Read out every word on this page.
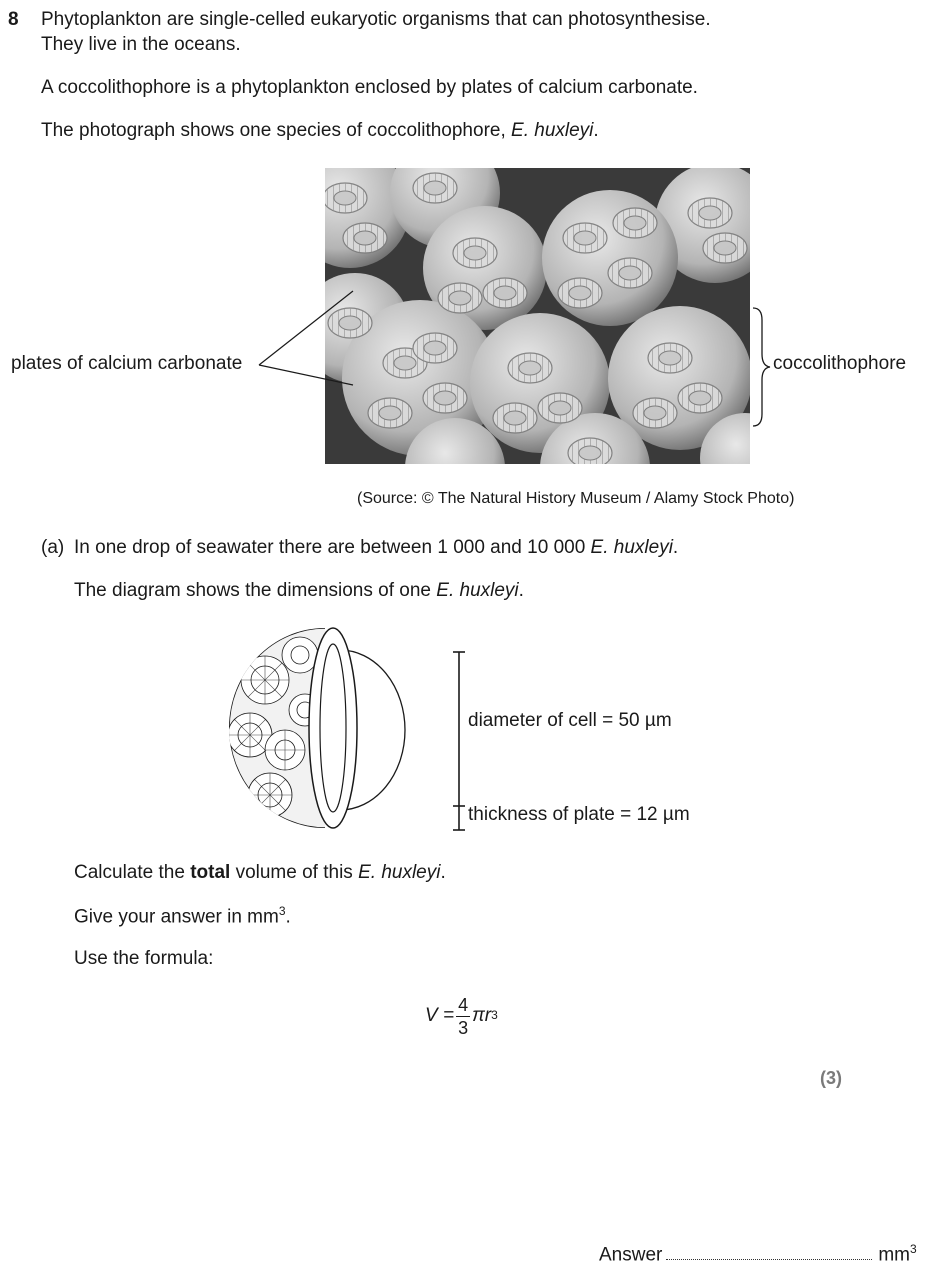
8 Phytoplankton are single-celled eukaryotic organisms that can photosynthesise.
They live in the oceans.
A coccolithophore is a phytoplankton enclosed by plates of calcium carbonate.
The photograph shows one species of coccolithophore, E. huxleyi.
plates of calcium carbonate	coccolithophore
(Source: © The Natural History Museum / Alamy Stock Photo)
(a) In one drop of seawater there are between 1 000 and 10 000 E. huxleyi.
The diagram shows the dimensions of one E. huxleyi.
diameter of cell = 50 µm
thickness of plate = 12 µm
Calculate the total volume of this E. huxleyi.
Give your answer in $mm^3$.
Use the formula:
$V = \frac{4}{3}$ πr 3
(3)
Answer	$mm^3$
